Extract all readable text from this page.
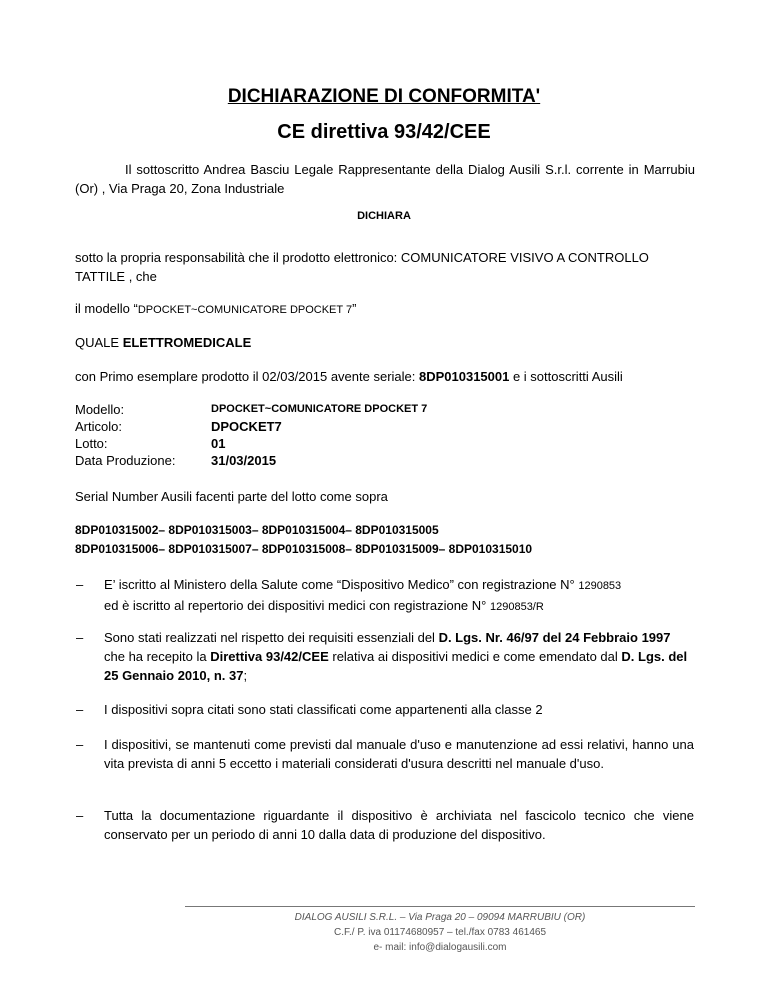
DICHIARAZIONE DI CONFORMITA'
CE direttiva 93/42/CEE
Il sottoscritto Andrea Basciu Legale Rappresentante della Dialog Ausili S.r.l. corrente in Marrubiu (Or) , Via Praga 20, Zona Industriale
DICHIARA
sotto la propria responsabilità che il prodotto elettronico: COMUNICATORE VISIVO A CONTROLLO
TATTILE , che
il modello “DPOCKET~COMUNICATORE DPOCKET 7”
QUALE ELETTROMEDICALE
con Primo esemplare prodotto il 02/03/2015 avente seriale: 8DP010315001 e i sottoscritti Ausili
Modello:	DPOCKET~COMUNICATORE DPOCKET 7
Articolo:	DPOCKET7
Lotto:	01
Data Produzione:	31/03/2015
Serial Number Ausili facenti parte del lotto come sopra
8DP010315002– 8DP010315003– 8DP010315004– 8DP010315005
8DP010315006– 8DP010315007– 8DP010315008– 8DP010315009– 8DP010315010
– E’ iscritto al Ministero della Salute come “Dispositivo Medico” con registrazione N° 1290853
ed è iscritto al repertorio dei dispositivi medici con registrazione N° 1290853/R
– Sono stati realizzati nel rispetto dei requisiti essenziali del D. Lgs. Nr. 46/97 del 24 Febbraio 1997 che ha recepito la Direttiva 93/42/CEE relativa ai dispositivi medici e come emendato dal D. Lgs. del 25 Gennaio 2010, n. 37;
– I dispositivi sopra citati sono stati classificati come appartenenti alla classe 2
– I dispositivi, se mantenuti come previsti dal manuale d'uso e manutenzione ad essi relativi, hanno una vita prevista di anni 5 eccetto i materiali considerati d'usura descritti nel manuale d'uso.
– Tutta la documentazione riguardante il dispositivo è archiviata nel fascicolo tecnico che viene conservato per un periodo di anni 10 dalla data di produzione del dispositivo.
DIALOG AUSILI S.R.L. – Via Praga 20 – 09094 MARRUBIU (OR)
C.F./ P. iva 01174680957 – tel./fax 0783 461465
e- mail: info@dialogausili.com
